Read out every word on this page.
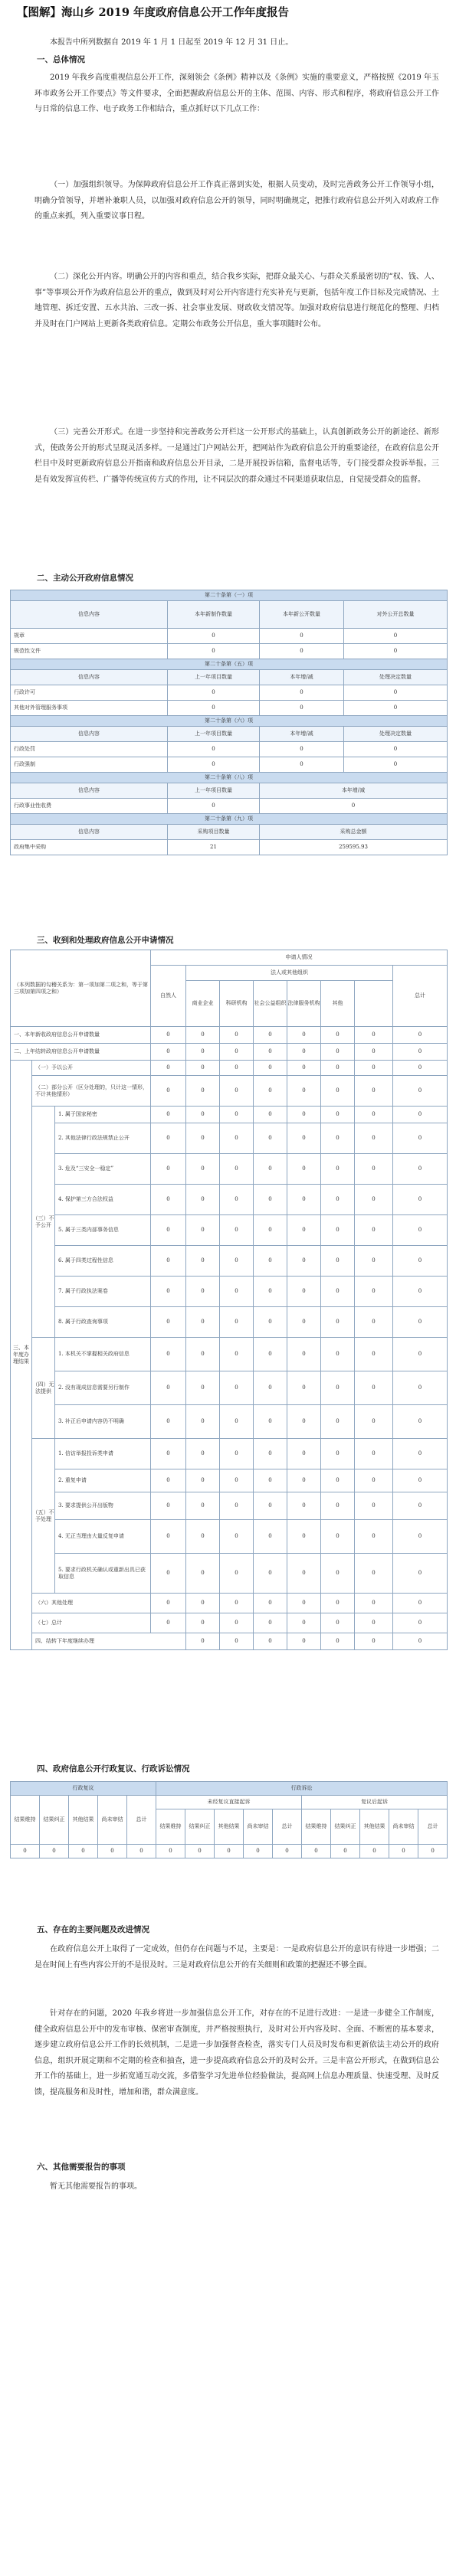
【图解】海山乡 2019 年度政府信息公开工作年度报告
本报告中所列数据自 2019 年 1 月 1 日起至 2019 年 12 月 31 日止。
一、总体情况
2019 年我乡高度重视信息公开工作，深刻领会《条例》精神以及《条例》实施的重要意义，严格按照《2019 年玉环市政务公开工作要点》等文件要求，全面把握政府信息公开的主体、范围、内容、形式和程序，将政府信息公开工作与日常的信息工作、电子政务工作相结合，重点抓好以下几点工作：
（一）加强组织领导。为保障政府信息公开工作真正落到实处，根据人员变动，及时完善政务公开工作领导小组，明确分管领导，并增补兼职人员，以加强对政府信息公开的领导，同时明确规定，把推行政府信息公开列入对政府工作的重点来抓，列入重要议事日程。
（二）深化公开内容。明确公开的内容和重点，结合我乡实际，把群众最关心、与群众关系最密切的“权、钱、人、事”等事项公开作为政府信息公开的重点，做到及时对公开内容进行充实补充与更新，包括年度工作目标及完成情况、土地管理、拆迁安置、五水共治、三改一拆、社会事业发展、财政收支情况等。加强对政府信息进行规范化的整理、归档并及时在门户网站上更新各类政府信息。定期公布政务公开信息，重大事项随时公布。
（三）完善公开形式。在进一步坚持和完善政务公开栏这一公开形式的基础上，认真创新政务公开的新途径、新形式，使政务公开的形式呈现灵活多样。一是通过门户网站公开，把网站作为政府信息公开的重要途径，在政府信息公开栏目中及时更新政府信息公开指南和政府信息公开目录，二是开展投诉信箱，监督电话等，专门接受群众投诉举报。三是有效发挥宣传栏、广播等传统宣传方式的作用，让不同层次的群众通过不同渠道获取信息，自觉接受群众的监督。
二、主动公开政府信息情况
第二十条第（一）项			
信息内容	本年新制作数量	本年新公开数量	对外公开总数量
规章	0	0	0
规范性文件	0	0	0
第二十条第（五）项			
信息内容	上一年项目数量	本年增/减	处理决定数量
行政许可	0	0	0
其他对外管理服务事项	0	0	0
第二十条第（六）项			
信息内容	上一年项目数量	本年增/减	处理决定数量
行政处罚	0	0	0
行政强制	0	0	0
第二十条第（八）项			
信息内容	上一年项目数量	本年增/减	
行政事业性收费	0	0	
第二十条第（九）项			
信息内容	采购项目数量	采购总金额	
政府集中采购	21	259595.93	
三、收到和处理政府信息公开申请情况
（本列数据的勾稽关系为：第一项加第二项之和，等于第三项加第四项之和）			申请人情况								
			自然人	法人或其他组织						总计	
				商业企业	科研机构	社会公益组织	法律服务机构	其他			
一、本年新收政府信息公开申请数量			0	0	0	0	0	0	0	0	
二、上年结转政府信息公开申请数量			0	0	0	0	0	0	0	0	
三、本年度办理结果	（一）予以公开		0	0	0	0	0	0	0	0	
	（二）部分公开（区分处理的，只计这一情形，不计其他情形）		0	0	0	0	0	0	0	0	
	（三）不予公开	1. 属于国家秘密	0	0	0	0	0	0	0	0	
		2. 其他法律行政法规禁止公开	0	0	0	0	0	0	0	0	
		3. 危及“三安全一稳定”	0	0	0	0	0	0	0	0	
		4. 保护第三方合法权益	0	0	0	0	0	0	0	0	
		5. 属于三类内部事务信息	0	0	0	0	0	0	0	0	
		6. 属于四类过程性信息	0	0	0	0	0	0	0	0	
		7. 属于行政执法案卷	0	0	0	0	0	0	0	0	
		8. 属于行政查询事项	0	0	0	0	0	0	0	0	
	（四）无法提供	1. 本机关不掌握相关政府信息	0	0	0	0	0	0	0	0	
		2. 没有现成信息需要另行制作	0	0	0	0	0	0	0	0	
		3. 补正后申请内容仍不明确	0	0	0	0	0	0	0	0	
	（五）不予处理	1. 信访举报投诉类申请	0	0	0	0	0	0	0	0	
		2. 重复申请	0	0	0	0	0	0	0	0	
		3. 要求提供公开出版物	0	0	0	0	0	0	0	0	
		4. 无正当理由大量反复申请	0	0	0	0	0	0	0	0	
		5. 要求行政机关确认或重新出具已获取信息	0	0	0	0	0	0	0	0	
	（六）其他处理		0	0	0	0	0	0	0	0	
	（七）总计		0	0	0	0	0	0	0	0	
	四、结转下年度继续办理			0	0	0	0	0	0	0	
四、政府信息公开行政复议、行政诉讼情况
行政复议					行政诉讼									
结果维持	结果纠正	其他结果	尚未审结	总计	未经复议直接起诉					复议后起诉				
					结果维持	结果纠正	其他结果	尚未审结	总计	结果维持	结果纠正	其他结果	尚未审结	总计
0	0	0	0	0	0	0	0	0	0	0	0	0	0	0
五、存在的主要问题及改进情况
在政府信息公开上取得了一定成效，但仍存在问题与不足，主要是：一是政府信息公开的意识有待进一步增强；二是在时间上有些内容公开的不是很及时。三是对政府信息公开的有关细则和政策的把握还不够全面。
针对存在的问题，2020 年我乡将进一步加强信息公开工作，对存在的不足进行改进：一是进一步健全工作制度，健全政府信息公开中的发布审核、保密审查制度，并严格按照执行，及时对公开内容及时、全面、不断密的基本要求，逐步建立政府信息公开工作的长效机制，二是进一步加强督查检查，落实专门人员及时发布和更新依法主动公开的政府信息，组织开展定期和不定期的检查和抽查，进一步提高政府信息公开的及时公开。三是丰富公开形式，在做到信息公开工作的基础上，进一步拓宽通互动交流，多借鉴学习先进单位经验做法，提高网上信息办理质量、快速受理、及时反馈，提高服务和及时性，增加和谐，群众满意度。
六、其他需要报告的事项
暂无其他需要报告的事项。
